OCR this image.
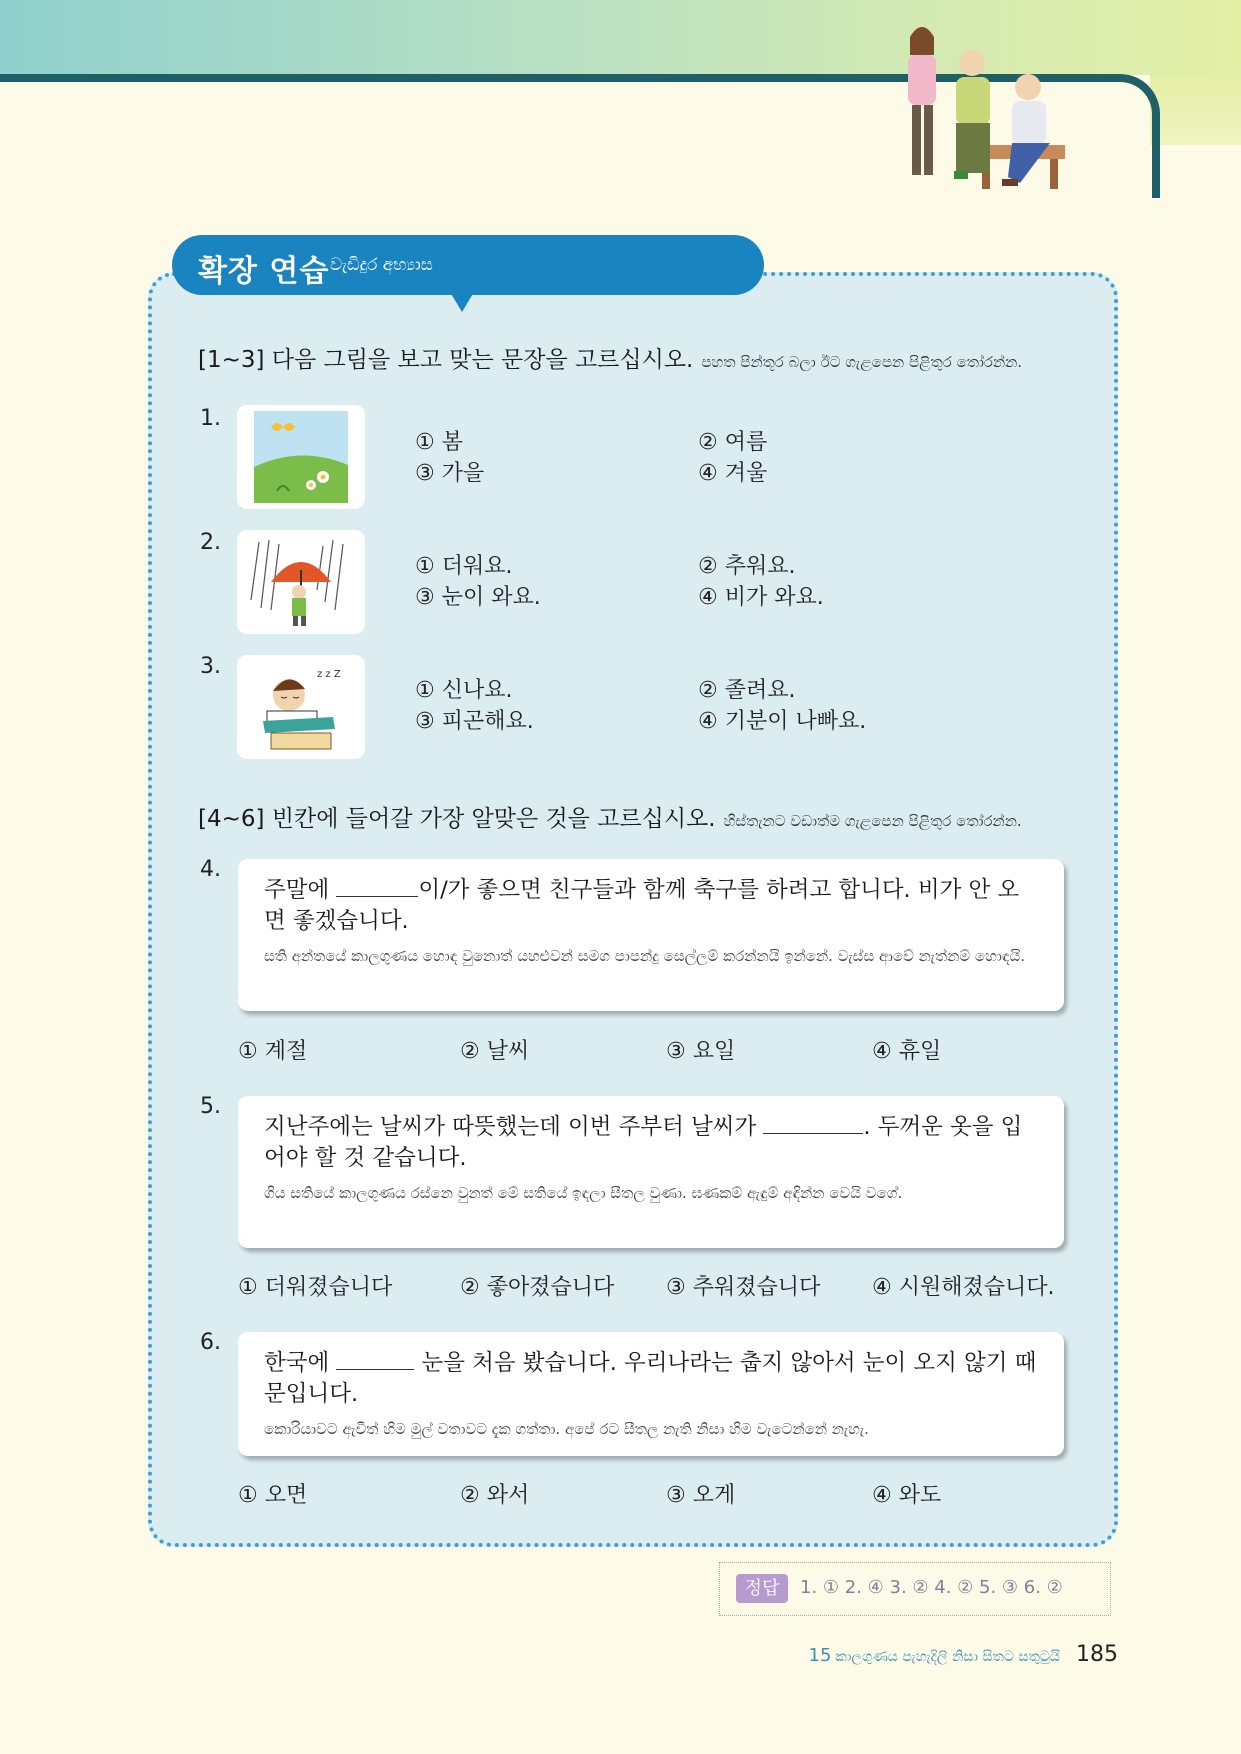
확장 연습 වැඩිදුර අභ්‍යාස
[1~3] 다음 그림을 보고 맞는 문장을 고르십시오. පහත පින්තූර බලා ඊට ගැළපෙන පිළිතුර තෝරන්න.
1.
① 봄	② 여름
③ 가을	④ 겨울
2.
① 더워요.	② 추워요.
③ 눈이 와요.	④ 비가 와요.
3.	z z Z
① 신나요.	② 졸려요.
③ 피곤해요.	④ 기분이 나빠요.
[4~6] 빈칸에 들어갈 가장 알맞은 것을 고르십시오. හිස්තැනට වඩාත්ම ගැළපෙන පිළිතුර තෝරන්න.
4.
주말에	이/가 좋으면 친구들과 함께 축구를 하려고 합니다. 비가 안 오면 좋겠습니다.
සති අන්තයේ කාලගුණය හොඳ වුනොත් යහළුවන් සමග පාපන්දු සෙල්ලම් කරන්නයි ඉන්නේ. වැස්ස ආවේ නැත්නම් හොඳයි.
① 계절	② 날씨	③ 요일	④ 휴일
5.
지난주에는 날씨가 따뜻했는데 이번 주부터 날씨가	. 두꺼운 옷을 입어야 할 것 같습니다.
ගිය සතියේ කාලගුණය රස්නෙ වුනත් මේ සතියේ ඉඳලා සීතල වුණා. ඝණකම් ඇඳුම් අඳින්න වෙයි වගේ.
① 더워졌습니다	② 좋아졌습니다 ③ 추워졌습니다 ④ 시원해졌습니다.
6.
한국에	눈을 처음 봤습니다. 우리나라는 춥지 않아서 눈이 오지 않기 때문입니다.
කොරියාවට ඇවිත් හිම මුල් වතාවට දැක ගත්තා. අපේ රට සීතල නැති නිසා හිම වැටෙන්නේ නැහැ.
① 오면	② 와서	③ 오게	④ 와도
정답	1. ① 2. ④ 3. ② 4. ② 5. ③ 6. ②
15 කාලගුණය පැහැදිලි නිසා සිතට සතුටුයි 185
